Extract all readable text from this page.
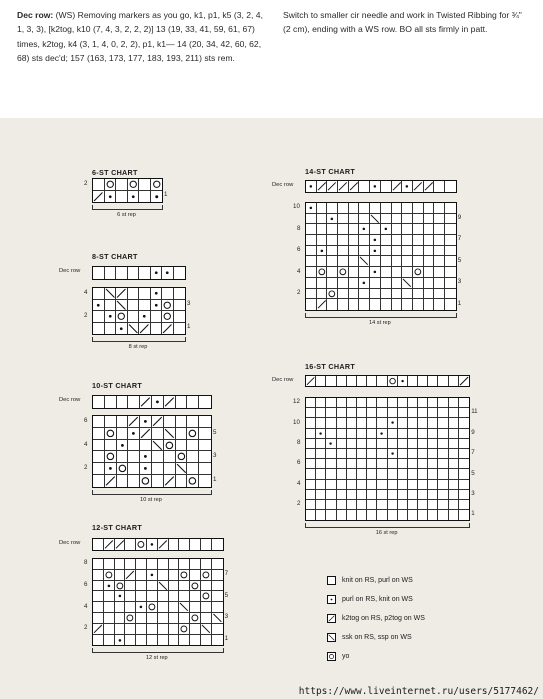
Dec row: (WS) Removing markers as you go, k1, p1, k5 (3, 2, 4, 1, 3, 3), [k2tog, k10 (7, 4, 3, 2, 2, 2)] 13 (19, 33, 41, 59, 61, 67) times, k2tog, k4 (3, 1, 4, 0, 2, 2), p1, k1— 14 (20, 34, 42, 60, 62, 68) sts dec'd; 157 (163, 173, 177, 183, 193, 211) sts rem.
Switch to smaller cir needle and work in Twisted Ribbing for ¾" (2 cm), ending with a WS row. BO all sts firmly in patt.
6-ST CHART
2
1
6 st rep
8-ST CHART
Dec row
4
3
2
1
8 st rep
10-ST CHART
Dec row
6
5
4
3
2
1
10 st rep
12-ST CHART
Dec row
8
7
6
5
4
3
2
1
12 st rep
14-ST CHART
Dec row
10
9
8
7
6
5
4
3
2
1
14 st rep
16-ST CHART
Dec row
12
11
10
9
8
7
6
5
4
3
2
1
16 st rep
knit on RS, purl on WS
purl on RS, knit on WS
k2tog on RS, p2tog on WS
ssk on RS, ssp on WS
yo
https://www.liveinternet.ru/users/5177462/
